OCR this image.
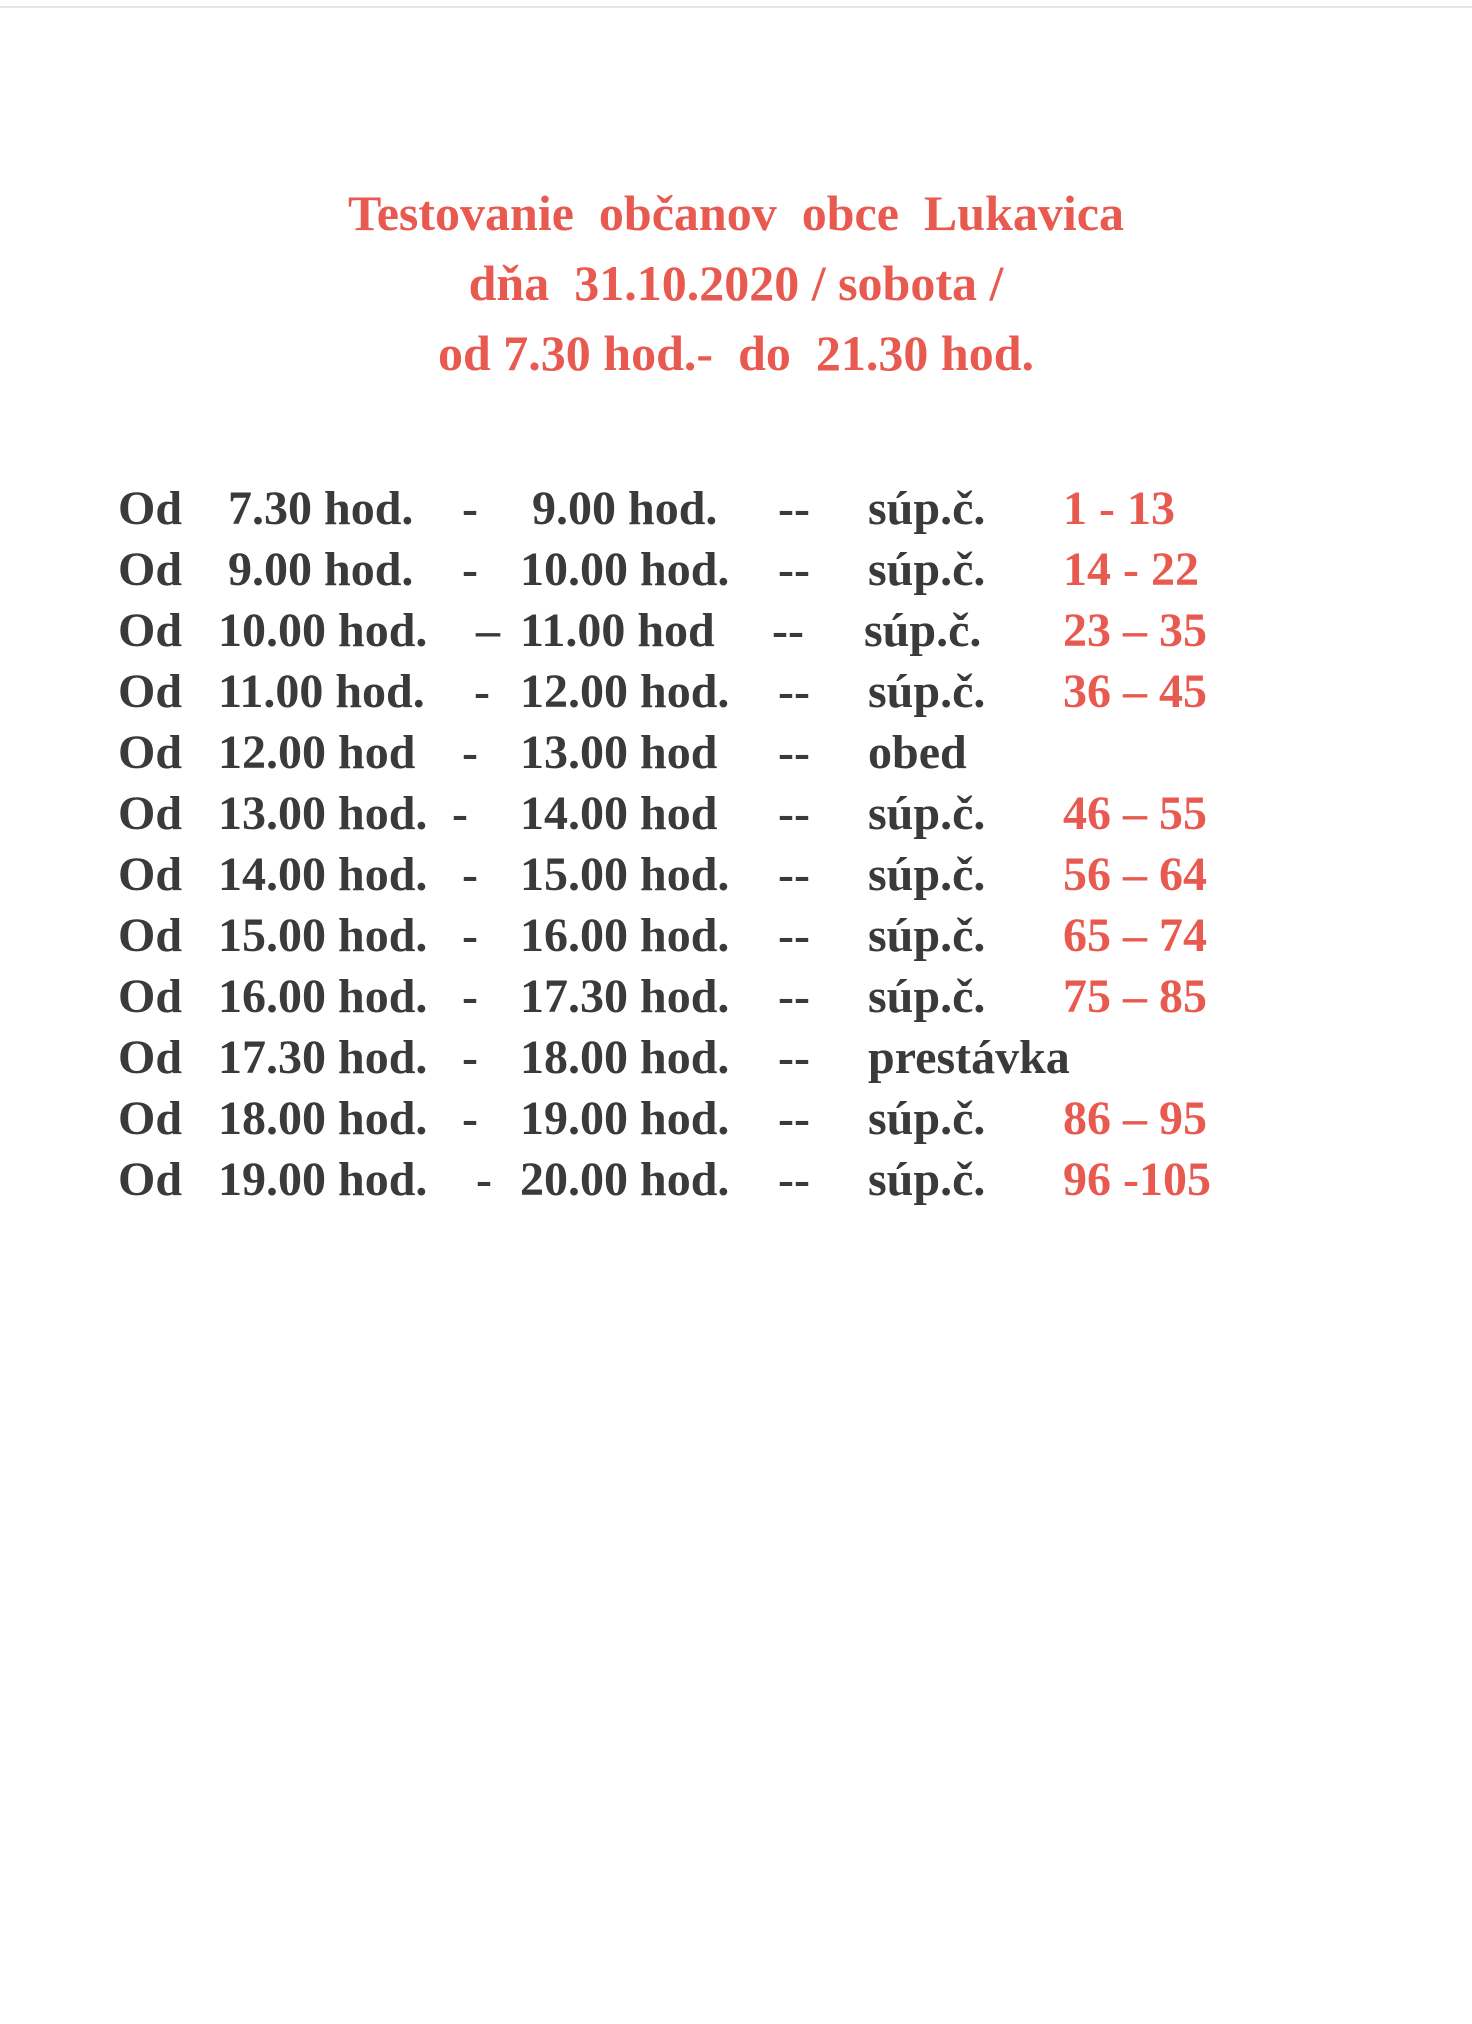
Testovanie  občanov  obce  Lukavica
dňa  31.10.2020 / sobota /
od 7.30 hod.-  do  21.30 hod.
Od 7.30 hod. - 9.00 hod. -- súp.č. 1 - 13
Od 9.00 hod. - 10.00 hod. -- súp.č. 14 - 22
Od 10.00 hod. – 11.00 hod -- súp.č. 23 – 35
Od 11.00 hod. - 12.00 hod. -- súp.č. 36 – 45
Od 12.00 hod - 13.00 hod -- obed
Od 13.00 hod. - 14.00 hod -- súp.č. 46 – 55
Od 14.00 hod. - 15.00 hod. -- súp.č. 56 – 64
Od 15.00 hod. - 16.00 hod. -- súp.č. 65 – 74
Od 16.00 hod. - 17.30 hod. -- súp.č. 75 – 85
Od 17.30 hod. - 18.00 hod. -- prestávka
Od 18.00 hod. - 19.00 hod. -- súp.č. 86 – 95
Od 19.00 hod. - 20.00 hod. -- súp.č. 96 -105
